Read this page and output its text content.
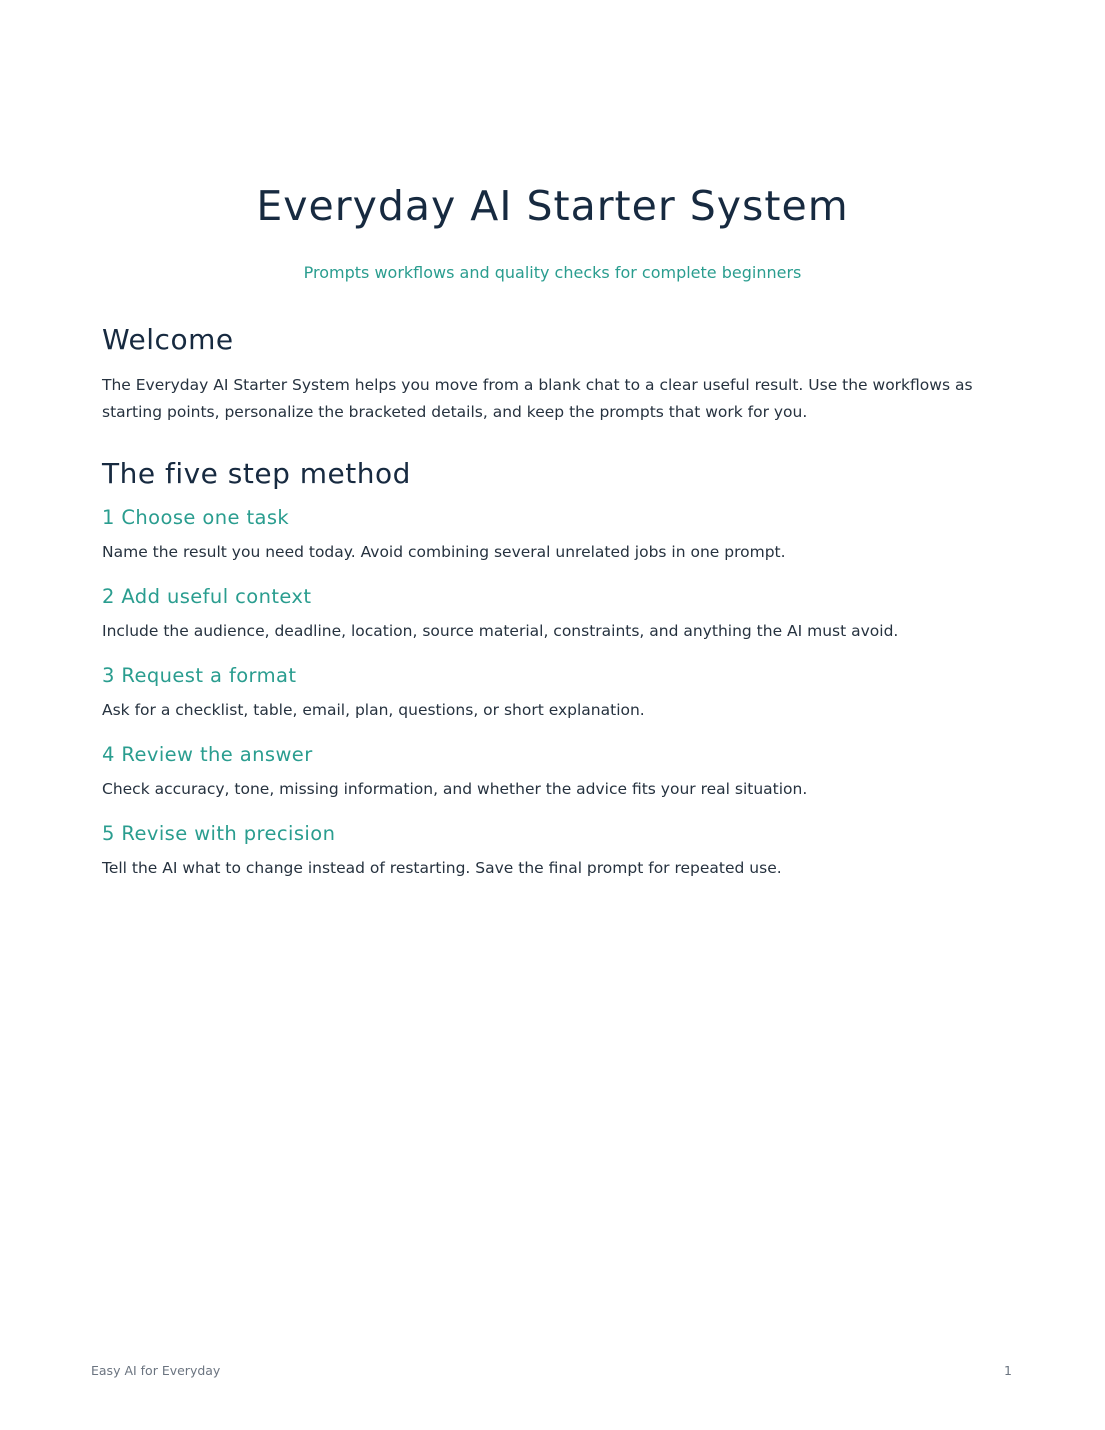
Everyday AI Starter System

Prompts workflows and quality checks for complete beginners

Welcome

The Everyday AI Starter System helps you move from a blank chat to a clear useful result. Use the workflows as starting points, personalize the bracketed details, and keep the prompts that work for you.

The five step method
1 Choose one task

Name the result you need today. Avoid combining several unrelated jobs in one prompt.

2 Add useful context

Include the audience, deadline, location, source material, constraints, and anything the AI must avoid.

3 Request a format

Ask for a checklist, table, email, plan, questions, or short explanation.

4 Review the answer

Check accuracy, tone, missing information, and whether the advice fits your real situation.

5 Revise with precision

Tell the AI what to change instead of restarting. Save the final prompt for repeated use.

Easy AI for Everyday	1
